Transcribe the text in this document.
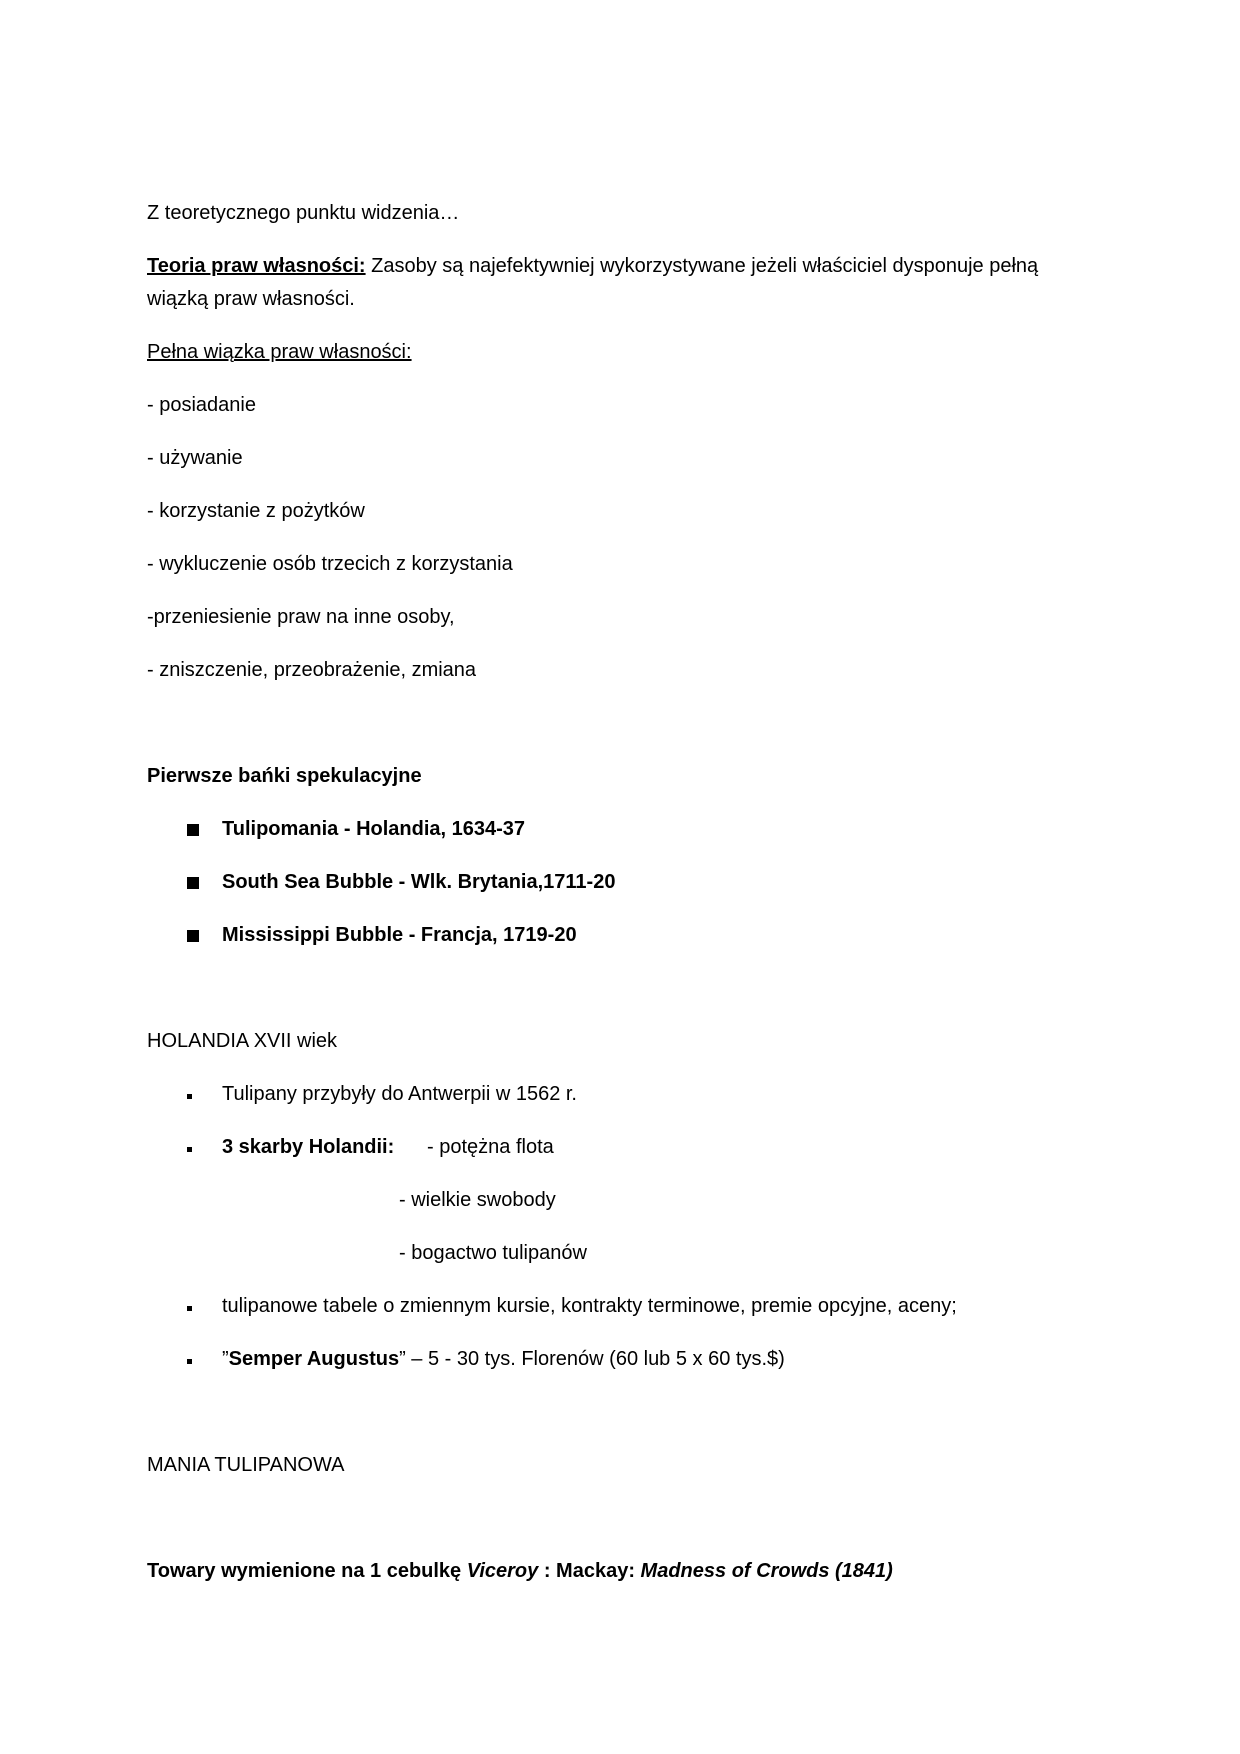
Z teoretycznego punktu widzenia…
Teoria praw własności: Zasoby są najefektywniej wykorzystywane jeżeli właściciel dysponuje pełną wiązką praw własności.
Pełna wiązka praw własności:
- posiadanie
- używanie
- korzystanie z pożytków
- wykluczenie osób trzecich z korzystania
-przeniesienie praw na inne osoby,
- zniszczenie, przeobrażenie, zmiana
Pierwsze bańki spekulacyjne
Tulipomania - Holandia, 1634-37
South Sea Bubble - Wlk. Brytania,1711-20
Mississippi Bubble - Francja, 1719-20
HOLANDIA XVII wiek
Tulipany przybyły do Antwerpii w 1562 r.
3 skarby Holandii: - potężna flota
- wielkie swobody
- bogactwo tulipanów
tulipanowe tabele o zmiennym kursie, kontrakty terminowe, premie opcyjne, aceny;
”Semper Augustus” – 5 - 30 tys. Florenów (60 lub 5 x 60 tys.$)
MANIA TULIPANOWA
Towary wymienione na 1 cebulkę Viceroy : Mackay: Madness of Crowds (1841)
